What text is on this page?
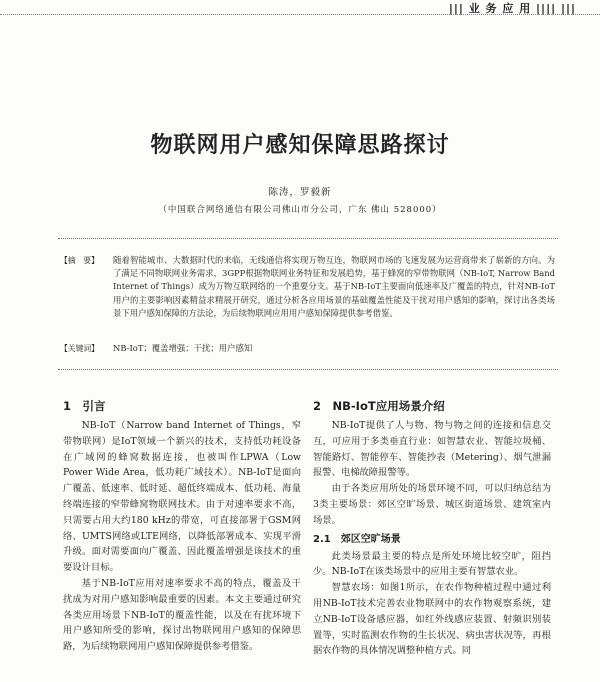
||| 业 务 应 用 |||| |||
物联网用户感知保障思路探讨
陈涛，罗毅新
（中国联合网络通信有限公司佛山市分公司，广东 佛山 528000）
【摘　要】	随着智能城市、大数据时代的来临，无线通信将实现万物互连，物联网市场的飞速发展为运营商带来了崭新的方向。为了满足不同物联网业务需求，3GPP根据物联网业务特征和发展趋势，基于蜂窝的窄带物联网（NB-IoT, Narrow Band Internet of Things）成为万物互联网络的一个重要分支。基于NB-IoT主要面向低速率及广覆盖的特点，针对NB-IoT用户的主要影响因素精益求精展开研究，通过分析各应用场景的基础覆盖性能及干扰对用户感知的影响，探讨出各类场景下用户感知保障的方法论，为后续物联网应用用户感知保障提供参考借鉴。
【关键词】	NB-IoT；覆盖增强；干扰；用户感知
1　引言

NB-IoT（Narrow band Internet of Things，窄带物联网）是IoT领域一个新兴的技术，支持低功耗设备在广域网的蜂窝数据连接，也被叫作LPWA（Low Power Wide Area，低功耗广域技术）。NB-IoT是面向广覆盖、低速率、低时延、超低终端成本、低功耗、海量终端连接的窄带蜂窝物联网技术。由于对速率要求不高，只需要占用大约180 kHz的带宽，可直接部署于GSM网络、UMTS网络或LTE网络，以降低部署成本、实现平滑升级。面对需要面向广覆盖、因此覆盖增强是该技术的重要设计目标。

基于NB-IoT应用对速率要求不高的特点，覆盖及干扰成为对用户感知影响最重要的因素。本文主要通过研究各类应用场景下NB-IoT的覆盖性能，以及在有扰环境下用户感知所受的影响，探讨出物联网用户感知的保障思路，为后续物联网用户感知保障提供参考借鉴。

2　NB-IoT应用场景介绍

NB-IoT提供了人与物、物与物之间的连接和信息交互，可应用于多类垂直行业：如智慧农业、智能垃圾桶、智能路灯、智能停车、智能抄表（Metering）、烟气泄漏报警、电梯故障报警等。

由于各类应用所处的场景环境不同，可以归纳总结为3类主要场景：郊区空旷场景、城区街道场景、建筑室内场景。

2.1　郊区空旷场景

此类场景最主要的特点是所处环境比较空旷，阻挡少。NB-IoT在该类场景中的应用主要有智慧农业。

智慧农场：如图1所示，在农作物种植过程中通过利用NB-IoT技术完善农业物联网中的农作物观察系统，建立NB-IoT设备感应器，如红外线感应装置、射频识别装置等，实时监测农作物的生长状况、病虫害状况等，再根据农作物的具体情况调整种植方式。同
